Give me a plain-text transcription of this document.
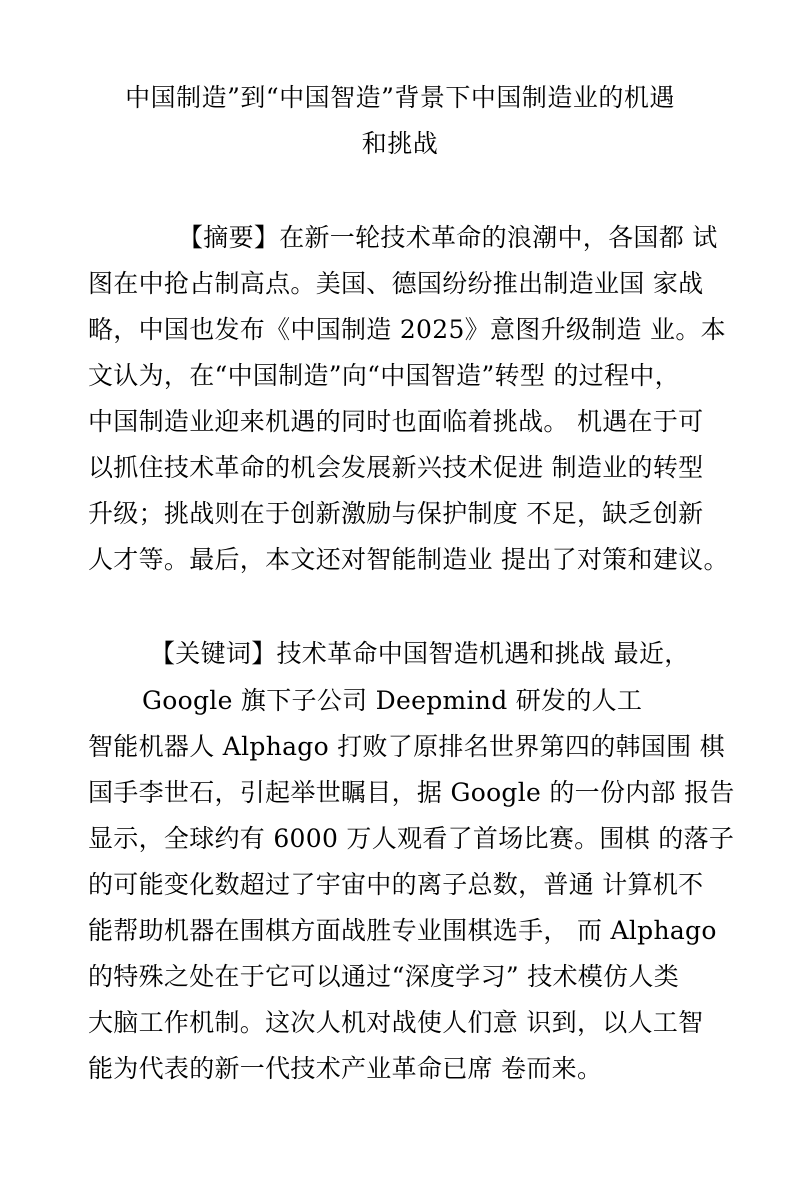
中国制造”到“中国智造”背景下中国制造业的机遇
和挑战
【摘要】在新一轮技术革命的浪潮中，各国都 试
图在中抢占制高点。美国、德国纷纷推出制造业国 家战
略，中国也发布《中国制造 2025》意图升级制造 业。本
文认为，在“中国制造”向“中国智造”转型 的过程中，
中国制造业迎来机遇的同时也面临着挑战。 机遇在于可
以抓住技术革命的机会发展新兴技术促进 制造业的转型
升级；挑战则在于创新激励与保护制度 不足，缺乏创新
人才等。最后，本文还对智能制造业 提出了对策和建议。
【关键词】技术革命中国智造机遇和挑战 最近，
Google 旗下子公司 Deepmind 研发的人工
智能机器人 Alphago 打败了原排名世界第四的韩国围 棋
国手李世石，引起举世瞩目，据 Google 的一份内部 报告
显示，全球约有 6000 万人观看了首场比赛。围棋 的落子
的可能变化数超过了宇宙中的离子总数，普通 计算机不
能帮助机器在围棋方面战胜专业围棋选手， 而 Alphago
的特殊之处在于它可以通过“深度学习” 技术模仿人类
大脑工作机制。这次人机对战使人们意 识到，以人工智
能为代表的新一代技术产业革命已席 卷而来。
